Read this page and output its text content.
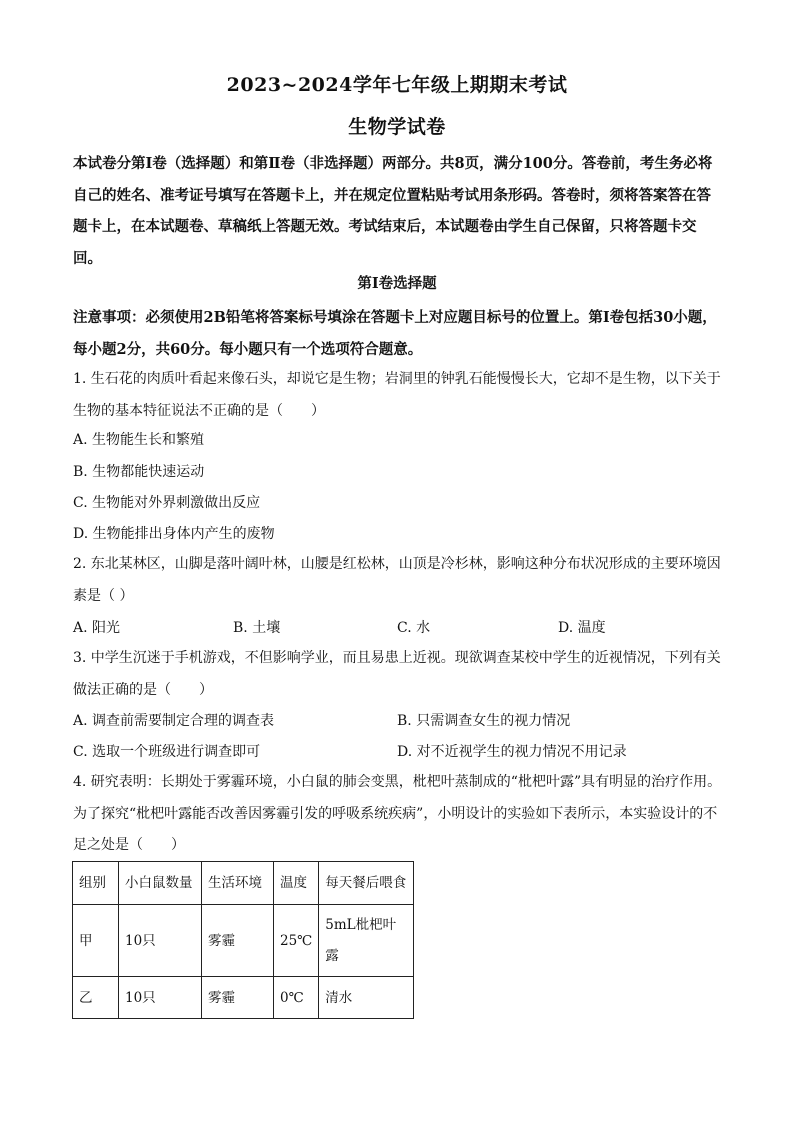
2023~2024学年七年级上期期末考试
生物学试卷
本试卷分第Ⅰ卷（选择题）和第Ⅱ卷（非选择题）两部分。共8页，满分100分。答卷前，考生务必将自己的姓名、准考证号填写在答题卡上，并在规定位置粘贴考试用条形码。答卷时，须将答案答在答题卡上，在本试题卷、草稿纸上答题无效。考试结束后，本试题卷由学生自己保留，只将答题卡交回。
第Ⅰ卷选择题
注意事项：必须使用2B铅笔将答案标号填涂在答题卡上对应题目标号的位置上。第Ⅰ卷包括30小题，每小题2分，共60分。每小题只有一个选项符合题意。
1. 生石花的肉质叶看起来像石头，却说它是生物；岩洞里的钟乳石能慢慢长大，它却不是生物，以下关于生物的基本特征说法不正确的是（　　）
A. 生物能生长和繁殖
B. 生物都能快速运动
C. 生物能对外界刺激做出反应
D. 生物能排出身体内产生的废物
2. 东北某林区，山脚是落叶阔叶林，山腰是红松林，山顶是冷杉林，影响这种分布状况形成的主要环境因素是（ ）
A. 阳光	B. 土壤	C. 水	D. 温度
3. 中学生沉迷于手机游戏，不但影响学业，而且易患上近视。现欲调查某校中学生的近视情况，下列有关做法正确的是（　　）
A. 调查前需要制定合理的调查表	B. 只需调查女生的视力情况
C. 选取一个班级进行调查即可	D. 对不近视学生的视力情况不用记录
4. 研究表明：长期处于雾霾环境，小白鼠的肺会变黑，枇杷叶蒸制成的“枇杷叶露”具有明显的治疗作用。为了探究“枇杷叶露能否改善因雾霾引发的呼吸系统疾病”，小明设计的实验如下表所示，本实验设计的不足之处是（　　）
组别	小白鼠数量	生活环境	温度	每天餐后喂食
甲	10只	雾霾	25℃	5mL枇杷叶露
乙	10只	雾霾	0℃	清水
